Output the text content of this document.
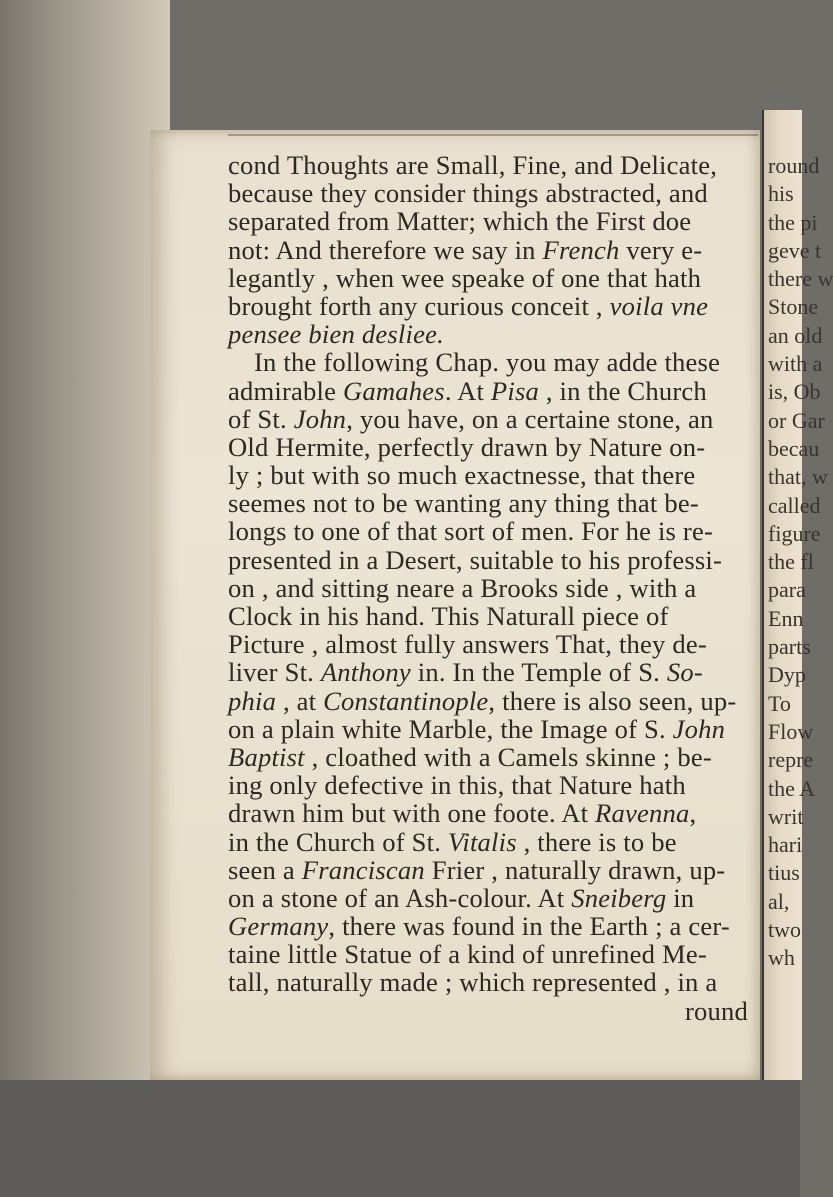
cond Thoughts are Small, Fine, and Delicate,
because they consider things abstracted, and
separated from Matter; which the First doe
not: And therefore we say in French very e-
legantly , when wee speake of one that hath
brought forth any curious conceit , voila vne
pensee bien desliee.
In the following Chap. you may adde these
admirable Gamahes. At Pisa , in the Church
of St. John, you have, on a certaine stone, an
Old Hermite, perfectly drawn by Nature on-
ly ; but with so much exactnesse, that there
seemes not to be wanting any thing that be-
longs to one of that sort of men. For he is re-
presented in a Desert, suitable to his professi-
on , and sitting neare a Brooks side , with a
Clock in his hand. This Naturall piece of
Picture , almost fully answers That, they de-
liver St. Anthony in. In the Temple of S. So-
phia , at Constantinople, there is also seen, up-
on a plain white Marble, the Image of S. John
Baptist , cloathed with a Camels skinne ; be-
ing only defective in this, that Nature hath
drawn him but with one foote. At Ravenna,
in the Church of St. Vitalis , there is to be
seen a Franciscan Frier , naturally drawn, up-
on a stone of an Ash-colour. At Sneiberg in
Germany, there was found in the Earth ; a cer-
taine little Statue of a kind of unrefined Me-
tall, naturally made ; which represented , in a
round
round
his
the pi
geve t
there w
Stone
an old
with a
is, Ob
or Gar
becau
that, w
called
figure
the fl
para
Enn
parts
Dyp
To
Flow
repre
the A
writ
hari
tius
al,
two
wh
